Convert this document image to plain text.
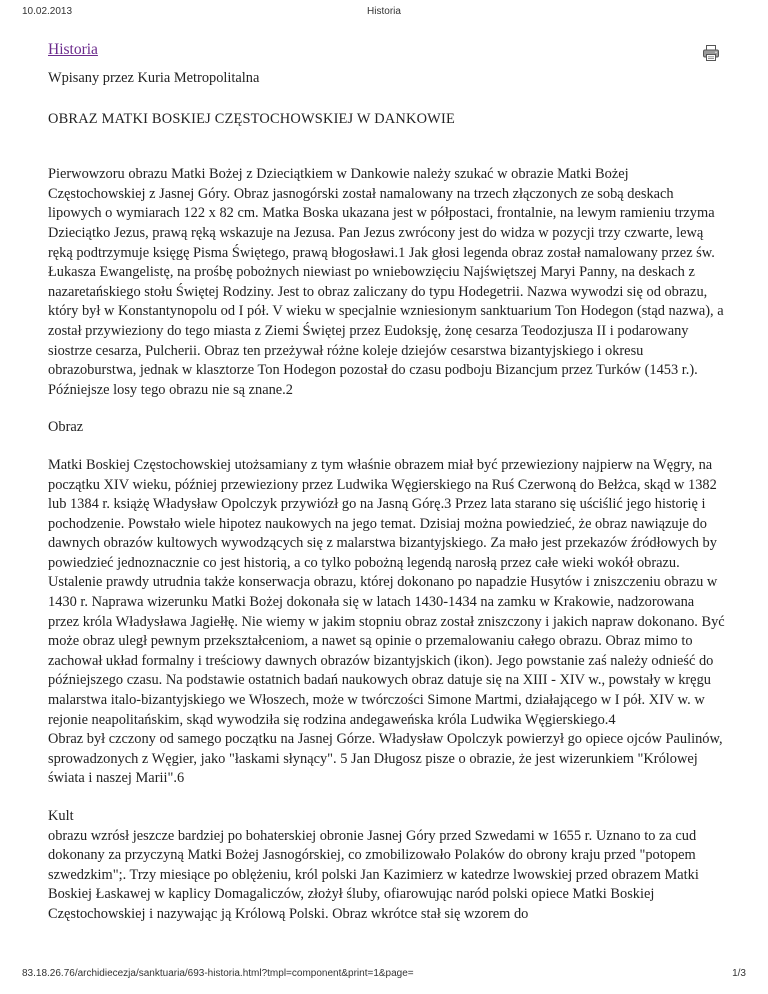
10.02.2013	Historia
Historia
Wpisany przez Kuria Metropolitalna
OBRAZ MATKI BOSKIEJ CZĘSTOCHOWSKIEJ W DANKOWIE

Pierwowzoru obrazu Matki Bożej z Dzieciątkiem w Dankowie należy szukać w obrazie Matki Bożej Częstochowskiej z Jasnej Góry. Obraz jasnogórski został namalowany na trzech złączonych ze sobą deskach lipowych o wymiarach 122 x 82 cm. Matka Boska ukazana jest w półpostaci, frontalnie, na lewym ramieniu trzyma Dzieciątko Jezus, prawą ręką wskazuje na Jezusa. Pan Jezus zwrócony jest do widza w pozycji trzy czwarte, lewą ręką podtrzymuje księgę Pisma Świętego, prawą błogosławi.1 Jak głosi legenda obraz został namalowany przez św. Łukasza Ewangelistę, na prośbę pobożnych niewiast po wniebowzięciu Najświętszej Maryi Panny, na deskach z nazaretańskiego stołu Świętej Rodziny. Jest to obraz zaliczany do typu Hodegetrii. Nazwa wywodzi się od obrazu, który był w Konstantynopolu od I pół. V wieku w specjalnie wzniesionym sanktuarium Ton Hodegon (stąd nazwa), a został przywieziony do tego miasta z Ziemi Świętej przez Eudoksję, żonę cesarza Teodozjusza II i podarowany siostrze cesarza, Pulcherii. Obraz ten przeżywał różne koleje dziejów cesarstwa bizantyjskiego i okresu obrazoburstwa, jednak w klasztorze Ton Hodegon pozostał do czasu podboju Bizancjum przez Turków (1453 r.). Późniejsze losy tego obrazu nie są znane.2

Obraz

Matki Boskiej Częstochowskiej utożsamiany z tym właśnie obrazem miał być przewieziony najpierw na Węgry, na początku XIV wieku, później przewieziony przez Ludwika Węgierskiego na Ruś Czerwoną do Bełżca, skąd w 1382 lub 1384 r. książę Władysław Opolczyk przywiózł go na Jasną Górę.3 Przez lata starano się uściślić jego historię i pochodzenie. Powstało wiele hipotez naukowych na jego temat. Dzisiaj można powiedzieć, że obraz nawiązuje do dawnych obrazów kultowych wywodzących się z malarstwa bizantyjskiego. Za mało jest przekazów źródłowych by powiedzieć jednoznacznie co jest historią, a co tylko pobożną legendą narosłą przez całe wieki wokół obrazu. Ustalenie prawdy utrudnia także konserwacja obrazu, której dokonano po napadzie Husytów i zniszczeniu obrazu w 1430 r. Naprawa wizerunku Matki Bożej dokonała się w latach 1430-1434 na zamku w Krakowie, nadzorowana przez króla Władysława Jagiełłę. Nie wiemy w jakim stopniu obraz został zniszczony i jakich napraw dokonano. Być może obraz uległ pewnym przekształceniom, a nawet są opinie o przemalowaniu całego obrazu. Obraz mimo to zachował układ formalny i treściowy dawnych obrazów bizantyjskich (ikon). Jego powstanie zaś należy odnieść do późniejszego czasu. Na podstawie ostatnich badań naukowych obraz datuje się na XIII - XIV w., powstały w kręgu malarstwa italo-bizantyjskiego we Włoszech, może w twórczości Simone Martmi, działającego w I pół. XIV w. w rejonie neapolitańskim, skąd wywodziła się rodzina andegaweńska króla Ludwika Węgierskiego.4

Obraz był czczony od samego początku na Jasnej Górze. Władysław Opolczyk powierzył go opiece ojców Paulinów, sprowadzonych z Węgier, jako "łaskami słynący". 5 Jan Długosz pisze o obrazie, że jest wizerunkiem "Królowej świata i naszej Marii".6

Kult

obrazu wzrósł jeszcze bardziej po bohaterskiej obronie Jasnej Góry przed Szwedami w 1655 r. Uznano to za cud dokonany za przyczyną Matki Bożej Jasnogórskiej, co zmobilizowało Polaków do obrony kraju przed "potopem szwedzkim";. Trzy miesiące po oblężeniu, król polski Jan Kazimierz w katedrze lwowskiej przed obrazem Matki Boskiej Łaskawej w kaplicy Domagaliczów, złożył śluby, ofiarowując naród polski opiece Matki Boskiej Częstochowskiej i nazywając ją Królową Polski. Obraz wkrótce stał się wzorem do

83.18.26.76/archidiecezja/sanktuaria/693-historia.html?tmpl=component&print=1&page=	1/3
